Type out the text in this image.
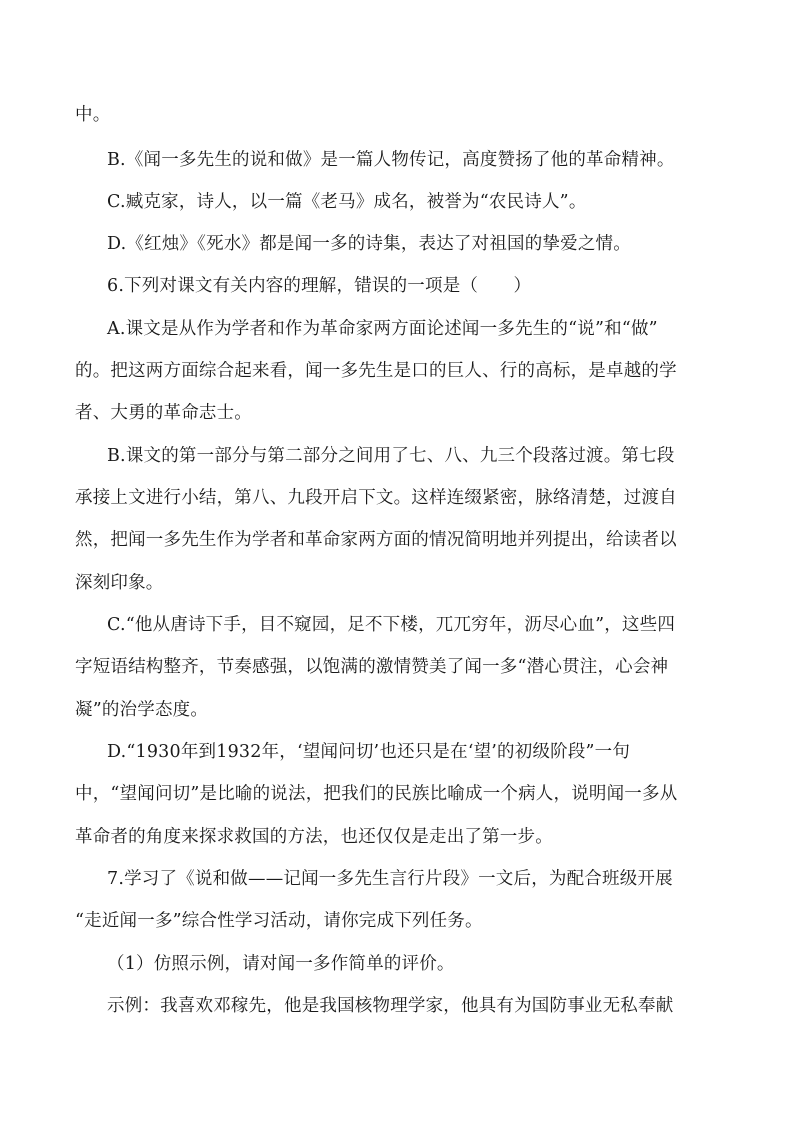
中。
B.《闻一多先生的说和做》是一篇人物传记，高度赞扬了他的革命精神。
C.臧克家，诗人，以一篇《老马》成名，被誉为“农民诗人”。
D.《红烛》《死水》都是闻一多的诗集，表达了对祖国的挚爱之情。
6.下列对课文有关内容的理解，错误的一项是（　　）
A.课文是从作为学者和作为革命家两方面论述闻一多先生的“说”和“做”
的。把这两方面综合起来看，闻一多先生是口的巨人、行的高标，是卓越的学
者、大勇的革命志士。
B.课文的第一部分与第二部分之间用了七、八、九三个段落过渡。第七段
承接上文进行小结，第八、九段开启下文。这样连缀紧密，脉络清楚，过渡自
然，把闻一多先生作为学者和革命家两方面的情况简明地并列提出，给读者以
深刻印象。
C.“他从唐诗下手，目不窥园，足不下楼，兀兀穷年，沥尽心血”，这些四
字短语结构整齐，节奏感强，以饱满的激情赞美了闻一多“潜心贯注，心会神
凝”的治学态度。
D.“1930年到1932年，‘望闻问切’也还只是在‘望’的初级阶段”一句
中，“望闻问切”是比喻的说法，把我们的民族比喻成一个病人，说明闻一多从
革命者的角度来探求救国的方法，也还仅仅是走出了第一步。
7.学习了《说和做——记闻一多先生言行片段》一文后，为配合班级开展
“走近闻一多”综合性学习活动，请你完成下列任务。
（1）仿照示例，请对闻一多作简单的评价。
示例：我喜欢邓稼先，他是我国核物理学家，他具有为国防事业无私奉献
